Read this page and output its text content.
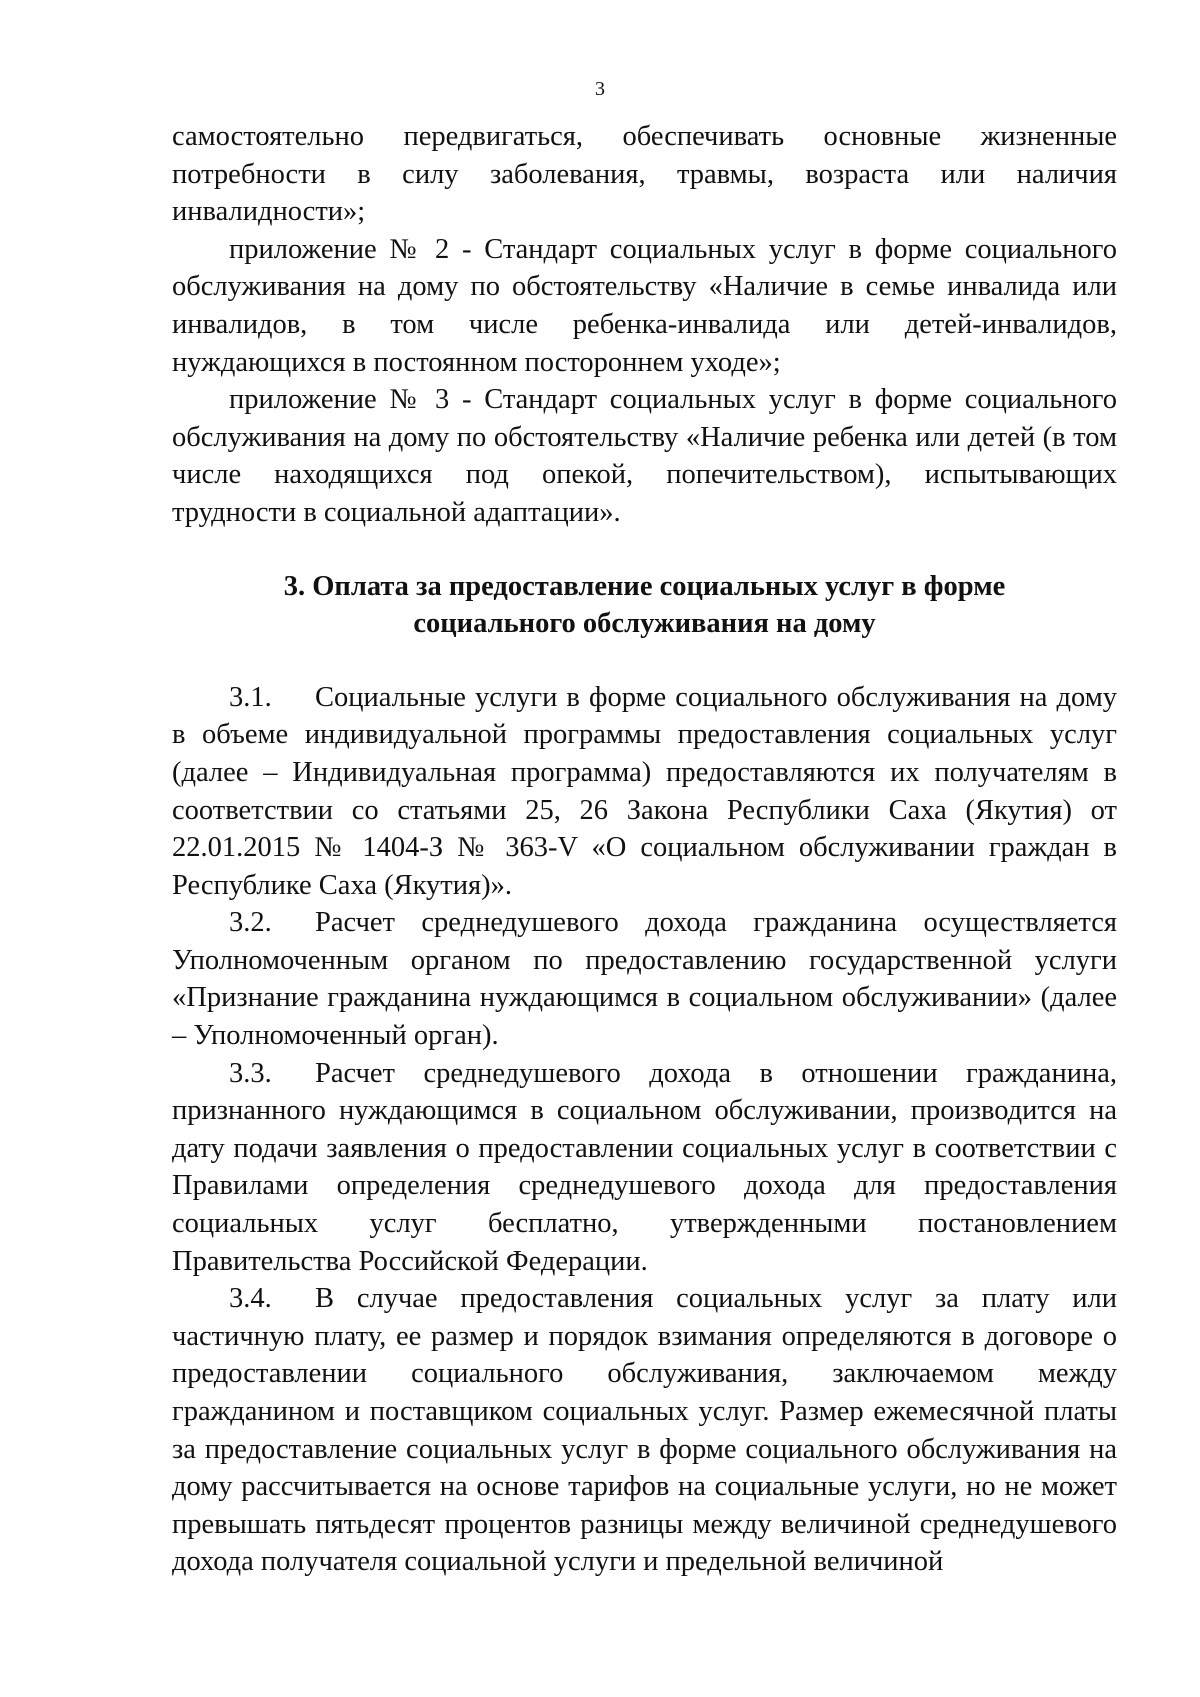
3

самостоятельно передвигаться, обеспечивать основные жизненные потребности в силу заболевания, травмы, возраста или наличия инвалидности»;

приложение № 2 - Стандарт социальных услуг в форме социального обслуживания на дому по обстоятельству «Наличие в семье инвалида или инвалидов, в том числе ребенка-инвалида или детей-инвалидов, нуждающихся в постоянном постороннем уходе»;

приложение № 3 - Стандарт социальных услуг в форме социального обслуживания на дому по обстоятельству «Наличие ребенка или детей (в том числе находящихся под опекой, попечительством), испытывающих трудности в социальной адаптации».

3. Оплата за предоставление социальных услуг в форме
социального обслуживания на дому

3.1. Социальные услуги в форме социального обслуживания на дому в объеме индивидуальной программы предоставления социальных услуг (далее – Индивидуальная программа) предоставляются их получателям в соответствии со статьями 25, 26 Закона Республики Саха (Якутия) от 22.01.2015 № 1404-З № 363-V «О социальном обслуживании граждан в Республике Саха (Якутия)».

3.2. Расчет среднедушевого дохода гражданина осуществляется Уполномоченным органом по предоставлению государственной услуги «Признание гражданина нуждающимся в социальном обслуживании» (далее – Уполномоченный орган).

3.3. Расчет среднедушевого дохода в отношении гражданина, признанного нуждающимся в социальном обслуживании, производится на дату подачи заявления о предоставлении социальных услуг в соответствии с Правилами определения среднедушевого дохода для предоставления социальных услуг бесплатно, утвержденными постановлением Правительства Российской Федерации.

3.4. В случае предоставления социальных услуг за плату или частичную плату, ее размер и порядок взимания определяются в договоре о предоставлении социального обслуживания, заключаемом между гражданином и поставщиком социальных услуг. Размер ежемесячной платы за предоставление социальных услуг в форме социального обслуживания на дому рассчитывается на основе тарифов на социальные услуги, но не может превышать пятьдесят процентов разницы между величиной среднедушевого дохода получателя социальной услуги и предельной величиной
